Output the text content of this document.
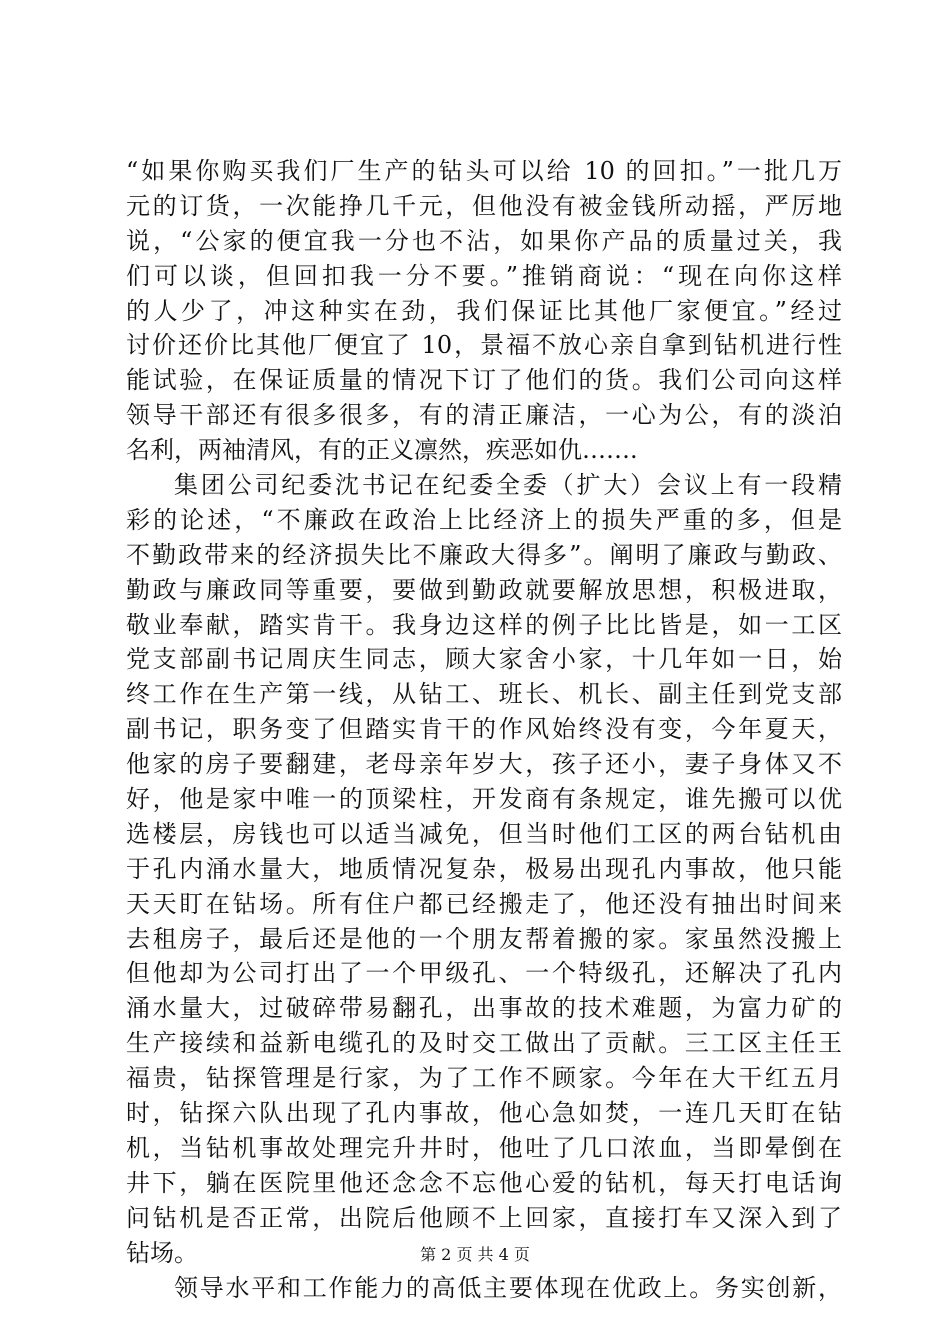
“如果你购买我们厂生产的钻头可以给 10 的回扣。”一批几万
元的订货，一次能挣几千元，但他没有被金钱所动摇，严厉地
说，“公家的便宜我一分也不沾，如果你产品的质量过关，我
们可以谈，但回扣我一分不要。”推销商说：“现在向你这样
的人少了，冲这种实在劲，我们保证比其他厂家便宜。”经过
讨价还价比其他厂便宜了 10，景福不放心亲自拿到钻机进行性
能试验，在保证质量的情况下订了他们的货。我们公司向这样
领导干部还有很多很多，有的清正廉洁，一心为公，有的淡泊
名利，两袖清风，有的正义凛然，疾恶如仇…….
集团公司纪委沈书记在纪委全委（扩大）会议上有一段精
彩的论述，“不廉政在政治上比经济上的损失严重的多，但是
不勤政带来的经济损失比不廉政大得多”。阐明了廉政与勤政、
勤政与廉政同等重要，要做到勤政就要解放思想，积极进取，
敬业奉献，踏实肯干。我身边这样的例子比比皆是，如一工区
党支部副书记周庆生同志，顾大家舍小家，十几年如一日，始
终工作在生产第一线，从钻工、班长、机长、副主任到党支部
副书记，职务变了但踏实肯干的作风始终没有变，今年夏天，
他家的房子要翻建，老母亲年岁大，孩子还小，妻子身体又不
好，他是家中唯一的顶梁柱，开发商有条规定，谁先搬可以优
选楼层，房钱也可以适当减免，但当时他们工区的两台钻机由
于孔内涌水量大，地质情况复杂，极易出现孔内事故，他只能
天天盯在钻场。所有住户都已经搬走了，他还没有抽出时间来
去租房子，最后还是他的一个朋友帮着搬的家。家虽然没搬上
但他却为公司打出了一个甲级孔、一个特级孔，还解决了孔内
涌水量大，过破碎带易翻孔，出事故的技术难题，为富力矿的
生产接续和益新电缆孔的及时交工做出了贡献。三工区主任王
福贵，钻探管理是行家，为了工作不顾家。今年在大干红五月
时，钻探六队出现了孔内事故，他心急如焚，一连几天盯在钻
机，当钻机事故处理完升井时，他吐了几口浓血，当即晕倒在
井下，躺在医院里他还念念不忘他心爱的钻机，每天打电话询
问钻机是否正常，出院后他顾不上回家，直接打车又深入到了
钻场。
领导水平和工作能力的高低主要体现在优政上。务实创新，
第 2 页 共 4 页
